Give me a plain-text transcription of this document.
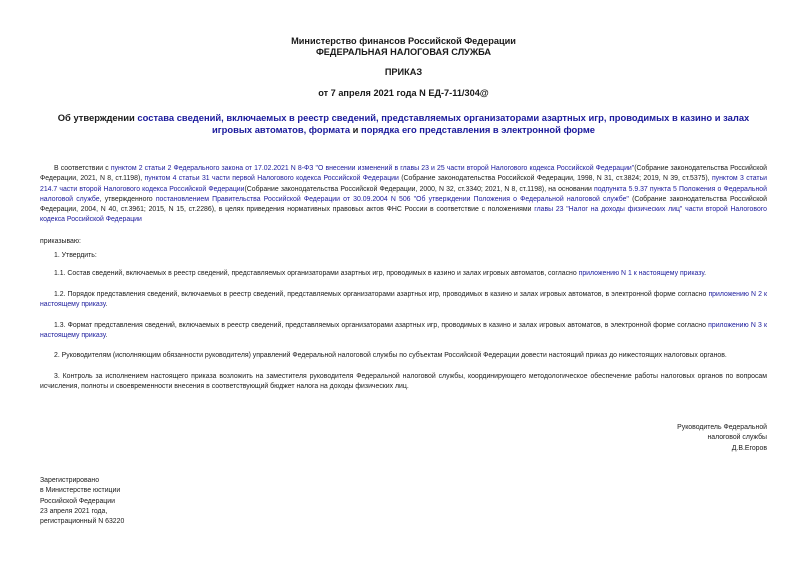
Министерство финансов Российской Федерации
ФЕДЕРАЛЬНАЯ НАЛОГОВАЯ СЛУЖБА
ПРИКАЗ
от 7 апреля 2021 года N ЕД-7-11/304@
Об утверждении состава сведений, включаемых в реестр сведений, представляемых организаторами азартных игр, проводимых в казино и залах игровых автоматов, формата и порядка его представления в электронной форме
В соответствии с пунктом 2 статьи 2 Федерального закона от 17.02.2021 N 8-ФЗ "О внесении изменений в главы 23 и 25 части второй Налогового кодекса Российской Федерации"(Собрание законодательства Российской Федерации, 2021, N 8, ст.1198), пунктом 4 статьи 31 части первой Налогового кодекса Российской Федерации (Собрание законодательства Российской Федерации, 1998, N 31, ст.3824; 2019, N 39, ст.5375), пунктом 3 статьи 214.7 части второй Налогового кодекса Российской Федерации(Собрание законодательства Российской Федерации, 2000, N 32, ст.3340; 2021, N 8, ст.1198), на основании подпункта 5.9.37 пункта 5 Положения о Федеральной налоговой службе, утвержденного постановлением Правительства Российской Федерации от 30.09.2004 N 506 "Об утверждении Положения о Федеральной налоговой службе" (Собрание законодательства Российской Федерации, 2004, N 40, ст.3961; 2015, N 15, ст.2286), в целях приведения нормативных правовых актов ФНС России в соответствие с положениями главы 23 "Налог на доходы физических лиц" части второй Налогового кодекса Российской Федерации
приказываю:
1. Утвердить:
1.1. Состав сведений, включаемых в реестр сведений, представляемых организаторами азартных игр, проводимых в казино и залах игровых автоматов, согласно приложению N 1 к настоящему приказу.
1.2. Порядок представления сведений, включаемых в реестр сведений, представляемых организаторами азартных игр, проводимых в казино и залах игровых автоматов, в электронной форме согласно приложению N 2 к настоящему приказу.
1.3. Формат представления сведений, включаемых в реестр сведений, представляемых организаторами азартных игр, проводимых в казино и залах игровых автоматов, в электронной форме согласно приложению N 3 к настоящему приказу.
2. Руководителям (исполняющим обязанности руководителя) управлений Федеральной налоговой службы по субъектам Российской Федерации довести настоящий приказ до нижестоящих налоговых органов.
3. Контроль за исполнением настоящего приказа возложить на заместителя руководителя Федеральной налоговой службы, координирующего методологическое обеспечение работы налоговых органов по вопросам исчисления, полноты и своевременности внесения в соответствующий бюджет налога на доходы физических лиц.
Руководитель Федеральной
налоговой службы
Д.В.Егоров
Зарегистрировано
в Министерстве юстиции
Российской Федерации
23 апреля 2021 года,
регистрационный N 63220
